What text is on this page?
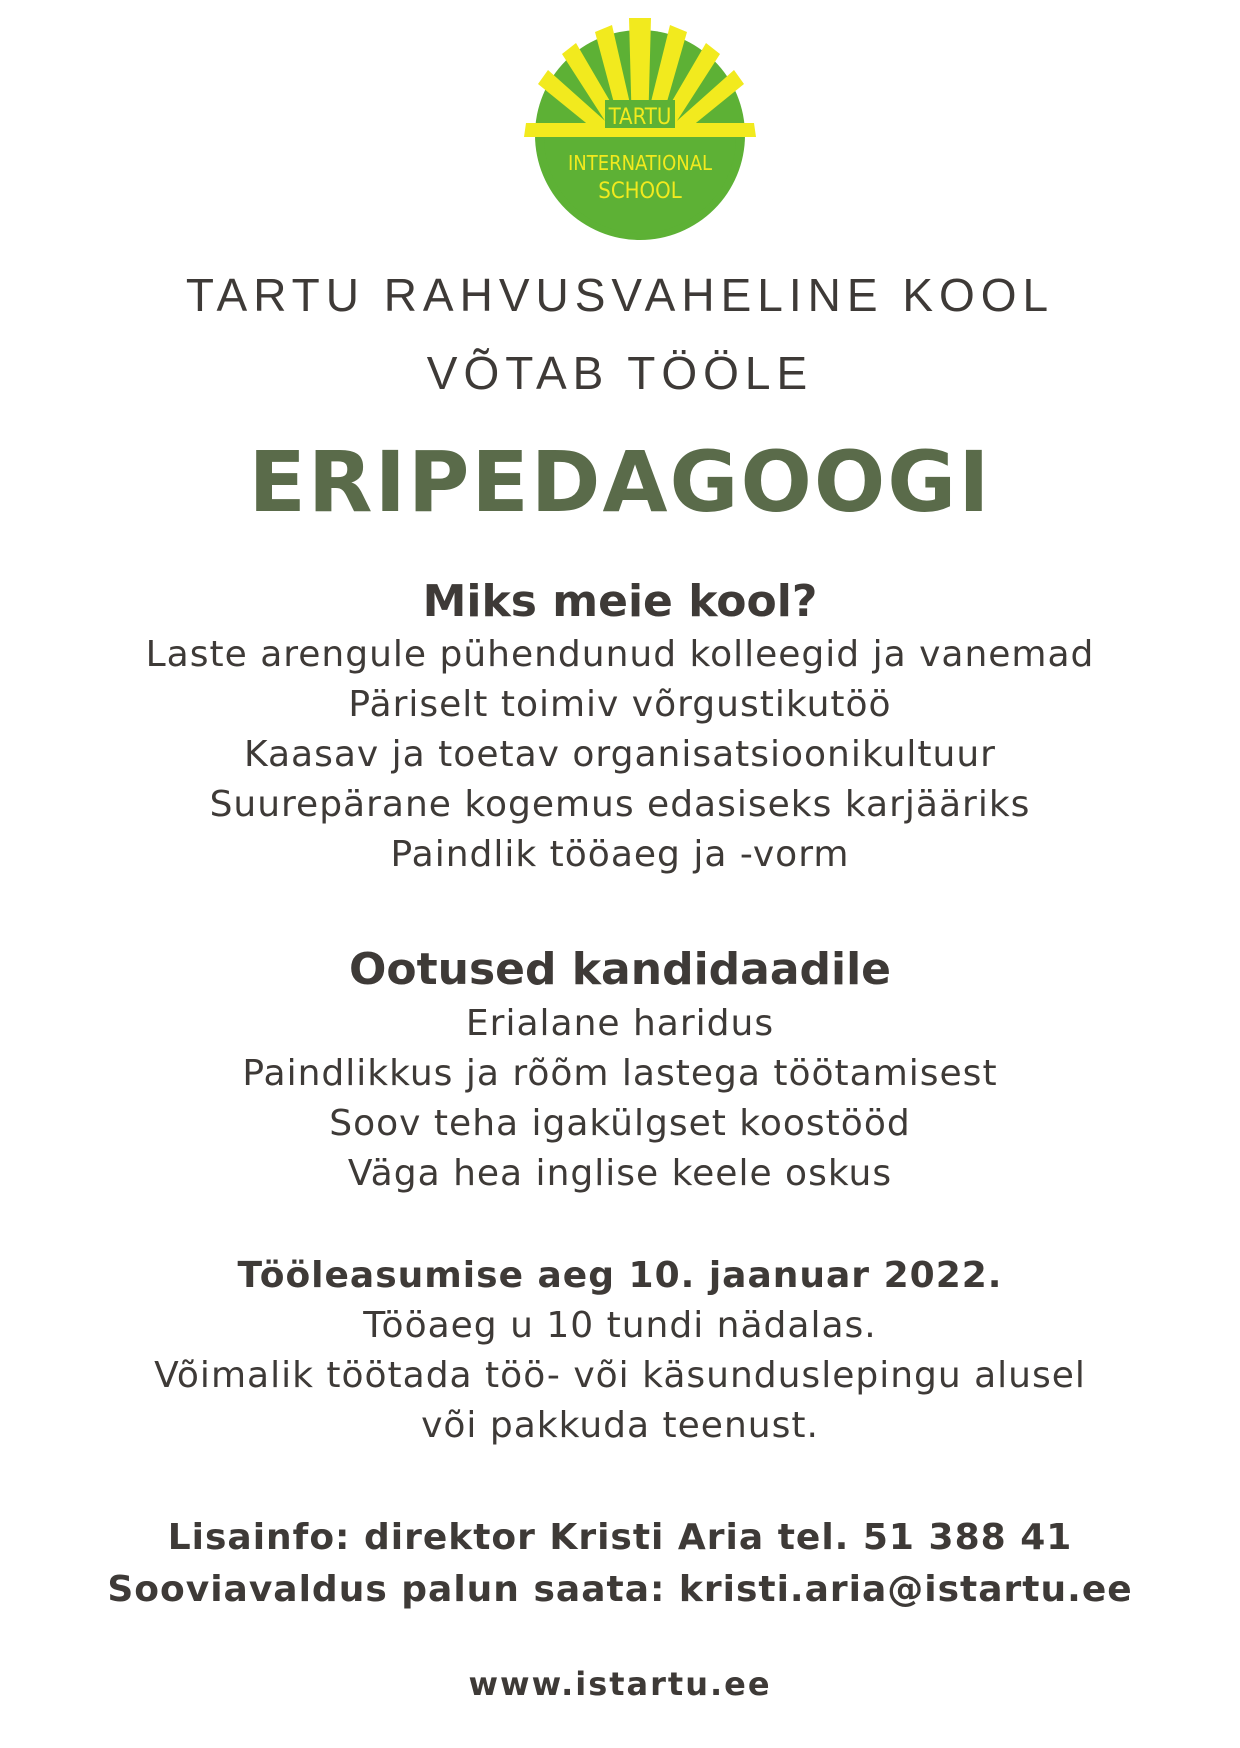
TARTU
INTERNATIONAL
SCHOOL
TARTU RAHVUSVAHELINE KOOL
VÕTAB TÖÖLE
ERIPEDAGOOGI
Miks meie kool?
Laste arengule pühendunud kolleegid ja vanemad
Päriselt toimiv võrgustikutöö
Kaasav ja toetav organisatsioonikultuur
Suurepärane kogemus edasiseks karjääriks
Paindlik tööaeg ja -vorm
Ootused kandidaadile
Erialane haridus
Paindlikkus ja rõõm lastega töötamisest
Soov teha igakülgset koostööd
Väga hea inglise keele oskus
Tööleasumise aeg 10. jaanuar 2022.
Tööaeg u 10 tundi nädalas.
Võimalik töötada töö- või käsunduslepingu alusel
või pakkuda teenust.
Lisainfo: direktor Kristi Aria tel. 51 388 41
Sooviavaldus palun saata: kristi.aria@istartu.ee
www.istartu.ee
